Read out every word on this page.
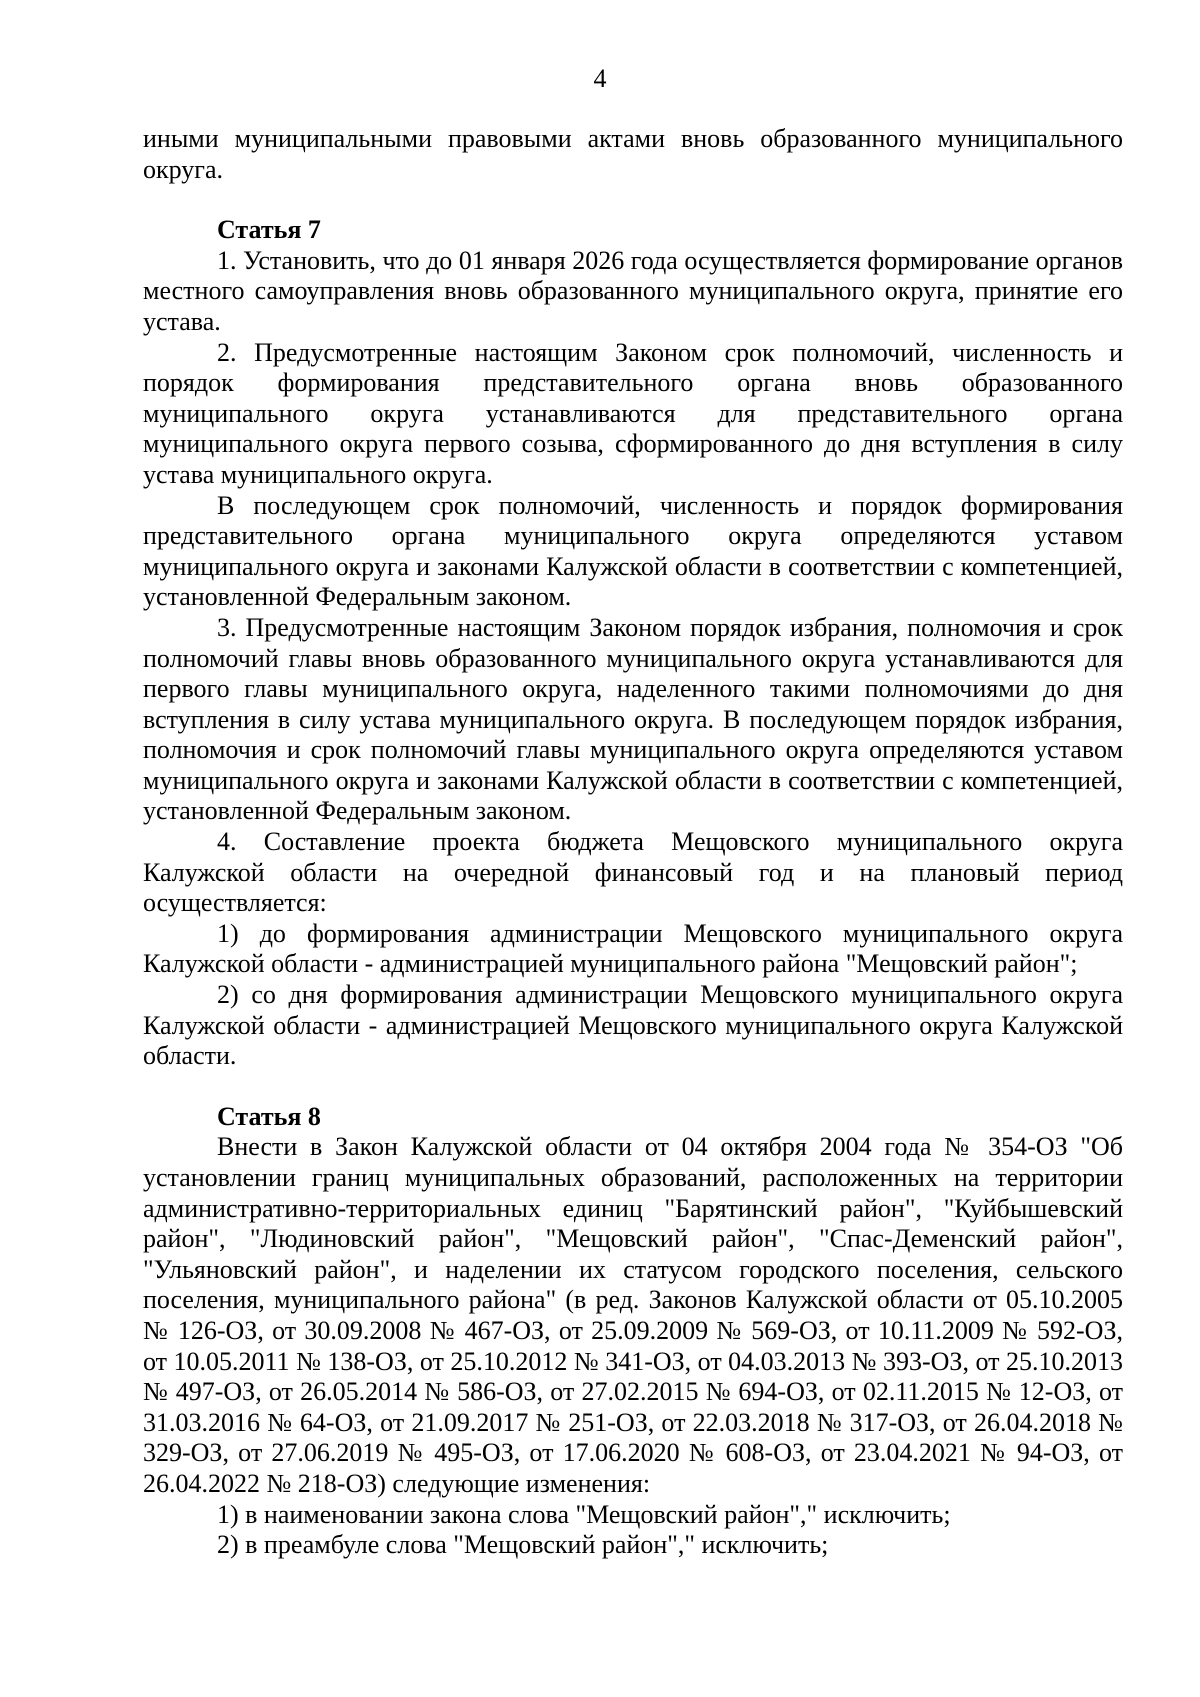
4

иными муниципальными правовыми актами вновь образованного муниципального округа.

Статья 7

1. Установить, что до 01 января 2026 года осуществляется формирование органов местного самоуправления вновь образованного муниципального округа, принятие его устава.

2. Предусмотренные настоящим Законом срок полномочий, численность и порядок формирования представительного органа вновь образованного муниципального округа устанавливаются для представительного органа муниципального округа первого созыва, сформированного до дня вступления в силу устава муниципального округа.

В последующем срок полномочий, численность и порядок формирования представительного органа муниципального округа определяются уставом муниципального округа и законами Калужской области в соответствии с компетенцией, установленной Федеральным законом.

3. Предусмотренные настоящим Законом порядок избрания, полномочия и срок полномочий главы вновь образованного муниципального округа устанавливаются для первого главы муниципального округа, наделенного такими полномочиями до дня вступления в силу устава муниципального округа. В последующем порядок избрания, полномочия и срок полномочий главы муниципального округа определяются уставом муниципального округа и законами Калужской области в соответствии с компетенцией, установленной Федеральным законом.

4. Составление проекта бюджета Мещовского муниципального округа Калужской области на очередной финансовый год и на плановый период осуществляется:

1) до формирования администрации Мещовского муниципального округа Калужской области - администрацией муниципального района "Мещовский район";

2) со дня формирования администрации Мещовского муниципального округа Калужской области - администрацией Мещовского муниципального округа Калужской области.

Статья 8

Внести в Закон Калужской области от 04 октября 2004 года № 354-ОЗ "Об установлении границ муниципальных образований, расположенных на территории административно-территориальных единиц "Барятинский район", "Куйбышевский район", "Людиновский район", "Мещовский район", "Спас-Деменский район", "Ульяновский район", и наделении их статусом городского поселения, сельского поселения, муниципального района" (в ред. Законов Калужской области от 05.10.2005 № 126-ОЗ, от 30.09.2008 № 467-ОЗ, от 25.09.2009 № 569-ОЗ, от 10.11.2009 № 592-ОЗ, от 10.05.2011 № 138-ОЗ, от 25.10.2012 № 341-ОЗ, от 04.03.2013 № 393-ОЗ, от 25.10.2013 № 497-ОЗ, от 26.05.2014 № 586-ОЗ, от 27.02.2015 № 694-ОЗ, от 02.11.2015 № 12-ОЗ, от 31.03.2016 № 64-ОЗ, от 21.09.2017 № 251-ОЗ, от 22.03.2018 № 317-ОЗ, от 26.04.2018 № 329-ОЗ, от 27.06.2019 № 495-ОЗ, от 17.06.2020 № 608-ОЗ, от 23.04.2021 № 94-ОЗ, от 26.04.2022 № 218-ОЗ) следующие изменения:

1) в наименовании закона слова "Мещовский район"," исключить;

2) в преамбуле слова "Мещовский район"," исключить;
